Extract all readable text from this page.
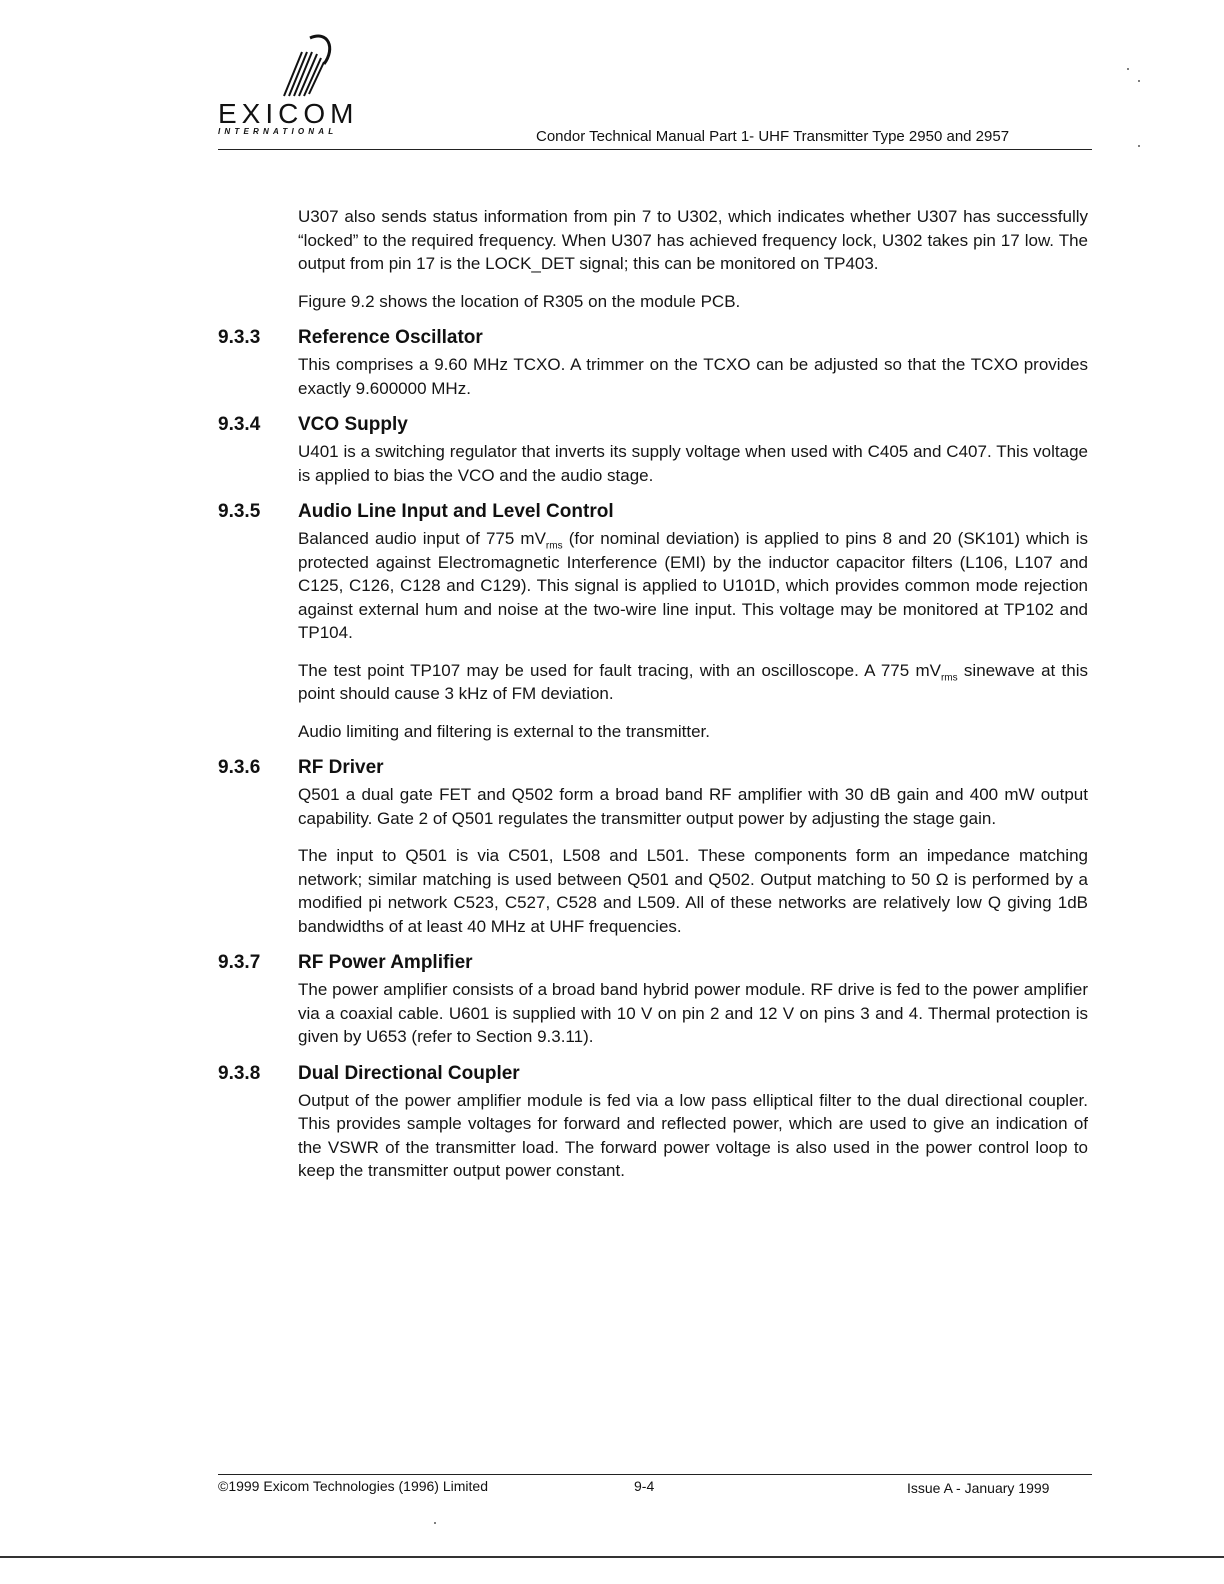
EXICOM
INTERNATIONAL	Condor Technical Manual Part 1- UHF Transmitter Type 2950 and 2957

U307 also sends status information from pin 7 to U302, which indicates whether U307 has successfully “locked” to the required frequency. When U307 has achieved frequency lock, U302 takes pin 17 low. The output from pin 17 is the LOCK_DET signal; this can be monitored on TP403.

Figure 9.2 shows the location of R305 on the module PCB.

9.3.3	Reference Oscillator

This comprises a 9.60 MHz TCXO. A trimmer on the TCXO can be adjusted so that the TCXO provides exactly 9.600000 MHz.

9.3.4	VCO Supply

U401 is a switching regulator that inverts its supply voltage when used with C405 and C407. This voltage is applied to bias the VCO and the audio stage.

9.3.5	Audio Line Input and Level Control

Balanced audio input of 775 $mV_{rms}$ (for nominal deviation) is applied to pins 8 and 20 (SK101) which is protected against Electromagnetic Interference (EMI) by the inductor capacitor filters (L106, L107 and C125, C126, C128 and C129). This signal is applied to U101D, which provides common mode rejection against external hum and noise at the two-wire line input. This voltage may be monitored at TP102 and TP104.

The test point TP107 may be used for fault tracing, with an oscilloscope. A 775 $mV_{rms}$ sinewave at this point should cause 3 kHz of FM deviation.

Audio limiting and filtering is external to the transmitter.

9.3.6	RF Driver

Q501 a dual gate FET and Q502 form a broad band RF amplifier with 30 dB gain and 400 mW output capability. Gate 2 of Q501 regulates the transmitter output power by adjusting the stage gain.

The input to Q501 is via C501, L508 and L501. These components form an impedance matching network; similar matching is used between Q501 and Q502. Output matching to 50 Ω is performed by a modified pi network C523, C527, C528 and L509. All of these networks are relatively low Q giving 1dB bandwidths of at least 40 MHz at UHF frequencies.

9.3.7	RF Power Amplifier

The power amplifier consists of a broad band hybrid power module. RF drive is fed to the power amplifier via a coaxial cable. U601 is supplied with 10 V on pin 2 and 12 V on pins 3 and 4. Thermal protection is given by U653 (refer to Section 9.3.11).

9.3.8	Dual Directional Coupler

Output of the power amplifier module is fed via a low pass elliptical filter to the dual directional coupler. This provides sample voltages for forward and reflected power, which are used to give an indication of the VSWR of the transmitter load. The forward power voltage is also used in the power control loop to keep the transmitter output power constant.

©1999 Exicom Technologies (1996) Limited	9-4	Issue A - January 1999
